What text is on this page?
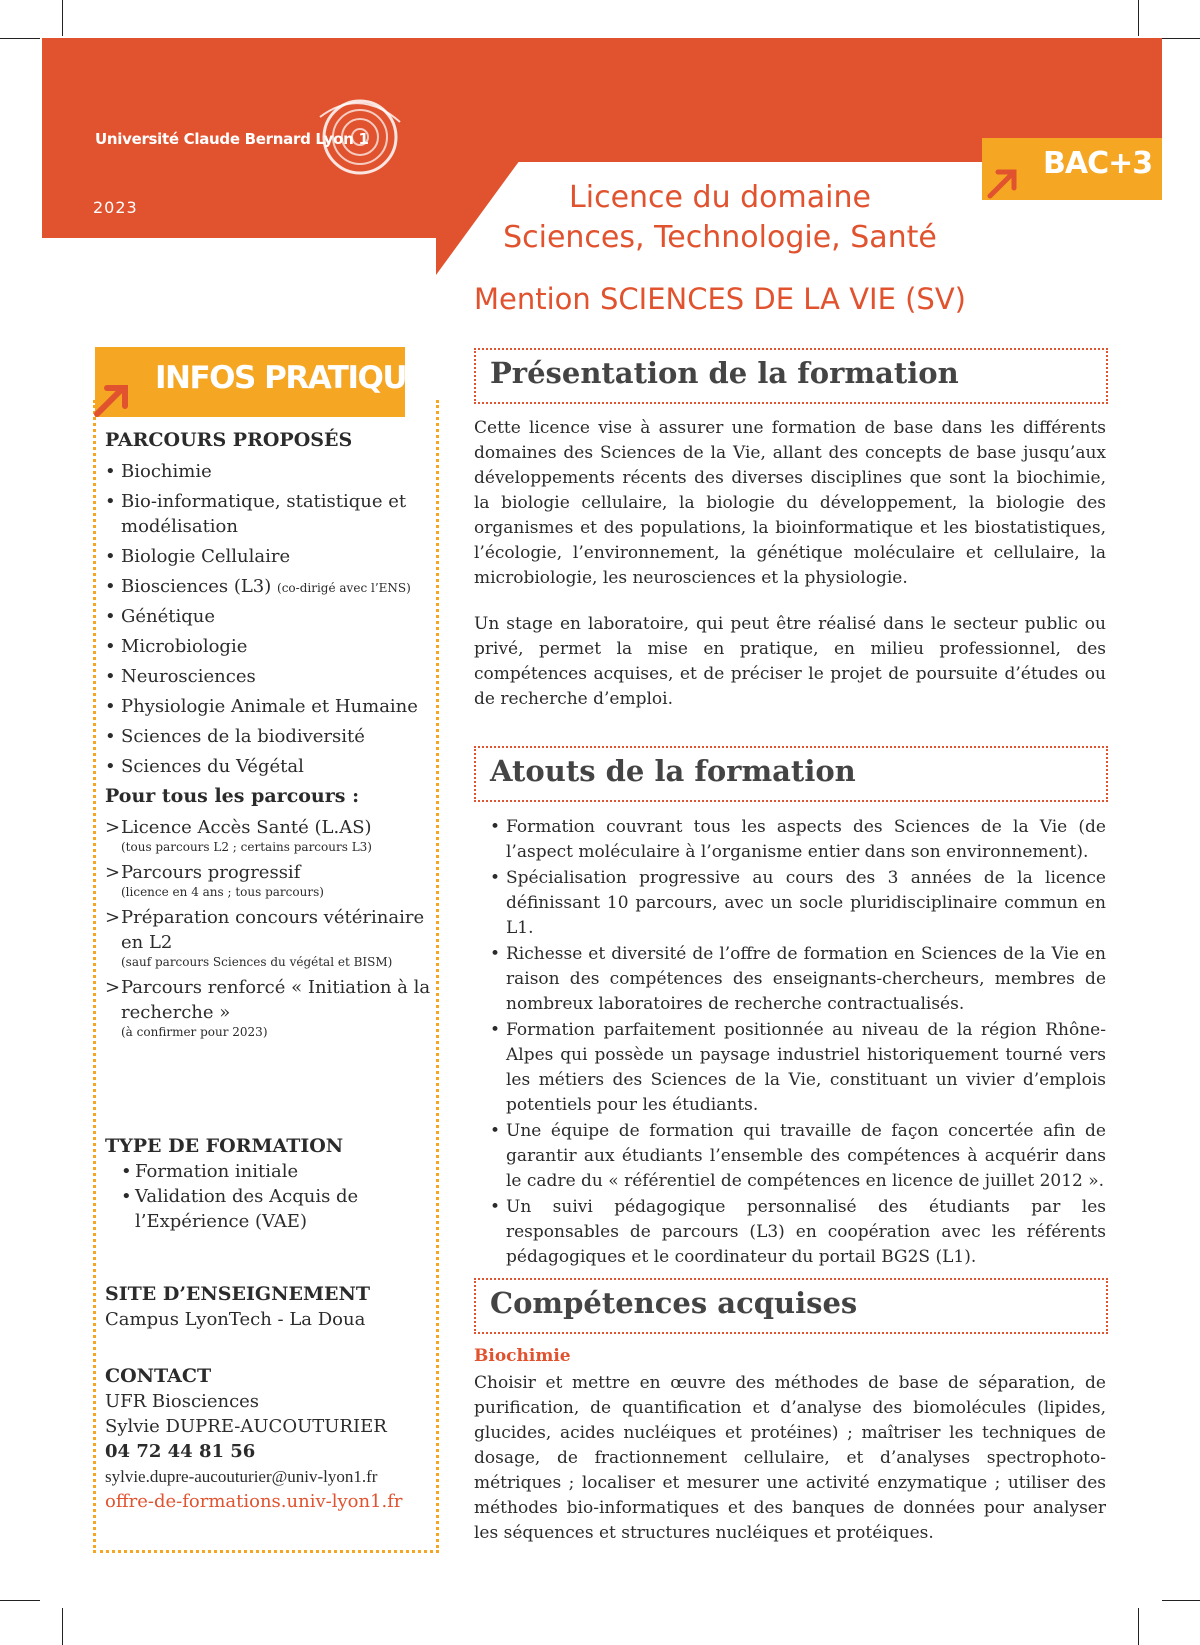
Université Claude Bernard Lyon 1
2023
BAC+3
Licence du domaine
Sciences, Technologie, Santé
Mention SCIENCES DE LA VIE (SV)
INFOS PRATIQUES
PARCOURS PROPOSÉS
• Biochimie
• Bio-informatique, statistique et modélisation
• Biologie Cellulaire
• Biosciences (L3) (co-dirigé avec l’ENS)
• Génétique
• Microbiologie
• Neurosciences
• Physiologie Animale et Humaine
• Sciences de la biodiversité
• Sciences du Végétal
Pour tous les parcours :
> Licence Accès Santé (L.AS)
(tous parcours L2 ; certains parcours L3)
> Parcours progressif
(licence en 4 ans ; tous parcours)
> Préparation concours vétérinaire en L2
(sauf parcours Sciences du végétal et BISM)
> Parcours renforcé « Initiation à la recherche »
(à confirmer pour 2023)
TYPE DE FORMATION
• Formation initiale
• Validation des Acquis de l’Expérience (VAE)
SITE D’ENSEIGNEMENT
Campus LyonTech - La Doua
CONTACT
UFR Biosciences
Sylvie DUPRE-AUCOUTURIER
04 72 44 81 56
sylvie.dupre-aucouturier@univ-lyon1.fr
offre-de-formations.univ-lyon1.fr
Présentation de la formation
Cette licence vise à assurer une formation de base dans les différents domaines des Sciences de la Vie, allant des concepts de base jusqu’aux développements récents des diverses disciplines que sont la biochimie, la biologie cellulaire, la biologie du développement, la biologie des organismes et des populations, la bioinformatique et les biostatistiques, l’écologie, l’environnement, la génétique moléculaire et cellulaire, la microbiologie, les neurosciences et la physiologie.
Un stage en laboratoire, qui peut être réalisé dans le secteur public ou privé, permet la mise en pratique, en milieu professionnel, des compétences acquises, et de préciser le projet de poursuite d’études ou de recherche d’emploi.
Atouts de la formation
• Formation couvrant tous les aspects des Sciences de la Vie (de l’aspect moléculaire à l’organisme entier dans son environnement).
• Spécialisation progressive au cours des 3 années de la licence définissant 10 parcours, avec un socle pluridisciplinaire commun en L1.
• Richesse et diversité de l’offre de formation en Sciences de la Vie en raison des compétences des enseignants-chercheurs, membres de nombreux laboratoires de recherche contractualisés.
• Formation parfaitement positionnée au niveau de la région Rhône-Alpes qui possède un paysage industriel historiquement tourné vers les métiers des Sciences de la Vie, constituant un vivier d’emplois potentiels pour les étudiants.
• Une équipe de formation qui travaille de façon concertée afin de garantir aux étudiants l’ensemble des compétences à acquérir dans le cadre du « référentiel de compétences en licence de juillet 2012 ».
• Un suivi pédagogique personnalisé des étudiants par les responsables de parcours (L3) en coopération avec les référents pédagogiques et le coordinateur du portail BG2S (L1).
Compétences acquises
Biochimie
Choisir et mettre en œuvre des méthodes de base de séparation, de purification, de quantification et d’analyse des biomolécules (lipides, glucides, acides nucléiques et protéines) ; maîtriser les techniques de dosage, de fractionnement cellulaire, et d’analyses spectrophoto-métriques ; localiser et mesurer une activité enzymatique ; utiliser des méthodes bio-informatiques et des banques de données pour analyser les séquences et structures nucléiques et protéiques.
